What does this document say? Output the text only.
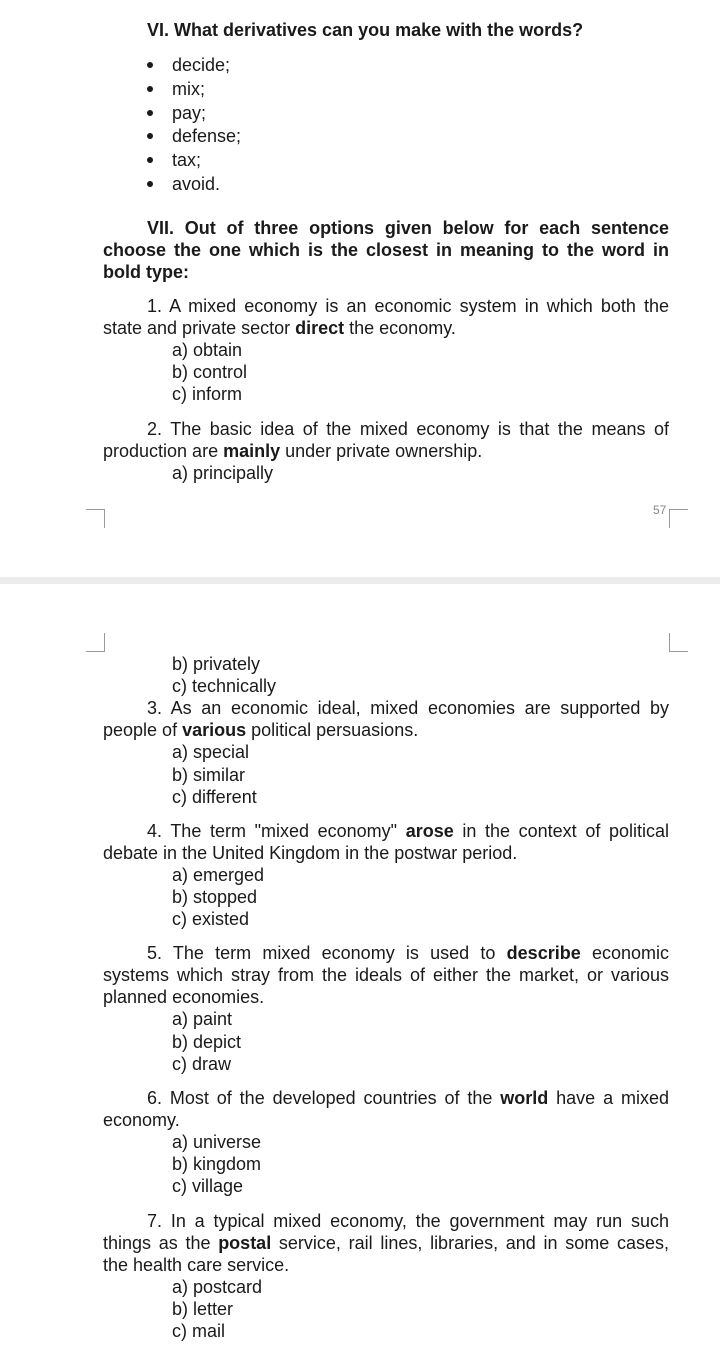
VI. What derivatives can you make with the words?
decide;
mix;
pay;
defense;
tax;
avoid.
VII. Out of three options given below for each sentence choose the one which is the closest in meaning to the word in bold type:
1. A mixed economy is an economic system in which both the state and private sector direct the economy.
a) obtain
b) control
c) inform
2. The basic idea of the mixed economy is that the means of production are mainly under private ownership.
a) principally
57
b) privately
c) technically
3. As an economic ideal, mixed economies are supported by people of various political persuasions.
a) special
b) similar
c) different
4. The term "mixed economy" arose in the context of political debate in the United Kingdom in the postwar period.
a) emerged
b) stopped
c) existed
5. The term mixed economy is used to describe economic systems which stray from the ideals of either the market, or various planned economies.
a) paint
b) depict
c) draw
6. Most of the developed countries of the world have a mixed economy.
a) universe
b) kingdom
c) village
7. In a typical mixed economy, the government may run such things as the postal service, rail lines, libraries, and in some cases, the health care service.
a) postcard
b) letter
c) mail
